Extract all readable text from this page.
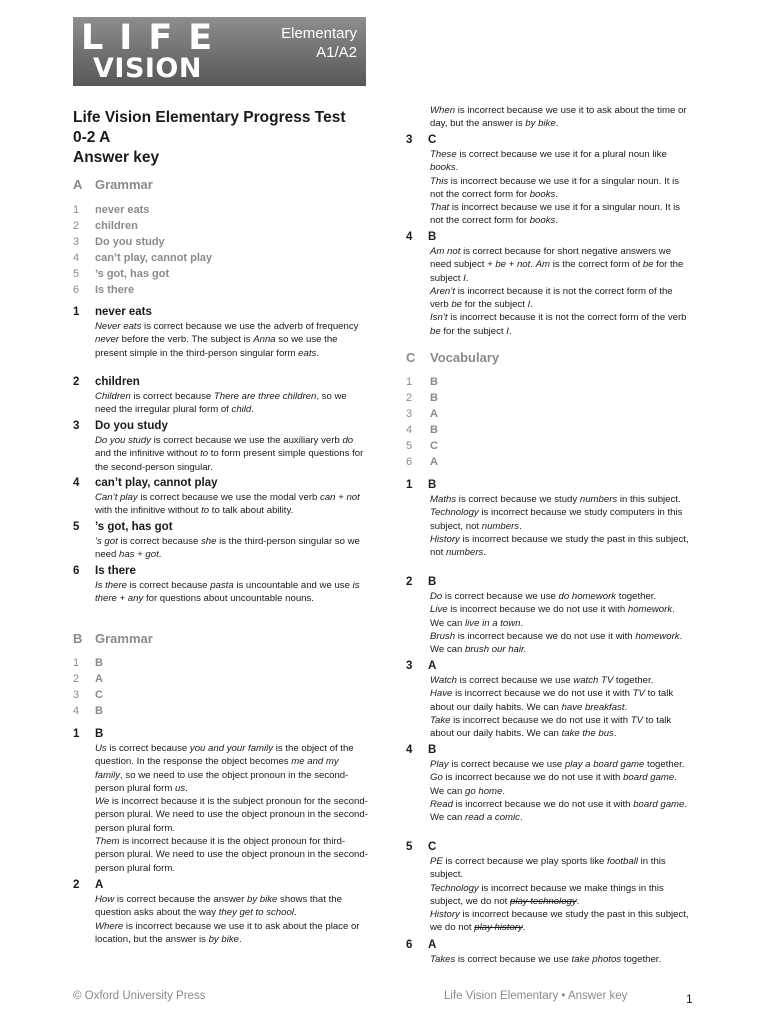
LIFE
VISION
Elementary
A1/A2
Life Vision Elementary Progress Test
0-2 A
Answer key
A Grammar
1 never eats
2 children
3 Do you study
4 can’t play, cannot play
5 ’s got, has got
6 Is there
1 never eats

Never eats is correct because we use the adverb of frequency never before the verb. The subject is Anna so we use the present simple in the third-person singular form eats.

2 children

Children is correct because There are three children, so we need the irregular plural form of child.

3 Do you study

Do you study is correct because we use the auxiliary verb do and the infinitive without to to form present simple questions for the second-person singular.

4 can’t play, cannot play

Can’t play is correct because we use the modal verb can + not with the infinitive without to to talk about ability.

5 ’s got, has got

’s got is correct because she is the third-person singular so we need has + got.

6 Is there

Is there is correct because pasta is uncountable and we use is there + any for questions about uncountable nouns.

B Grammar
1 B
2 A
3 C
4 B
1 B

Us is correct because you and your family is the object of the question. In the response the object becomes me and my family, so we need to use the object pronoun in the second-person plural form us.

We is incorrect because it is the subject pronoun for the second-person plural. We need to use the object pronoun in the second-person plural form.

Them is incorrect because it is the object pronoun for third-person plural. We need to use the object pronoun in the second-person plural form.

2 A

How is correct because the answer by bike shows that the question asks about the way they get to school.

Where is incorrect because we use it to ask about the place or location, but the answer is by bike.

When is incorrect because we use it to ask about the time or day, but the answer is by bike.

3 C

These is correct because we use it for a plural noun like books.

This is incorrect because we use it for a singular noun. It is not the correct form for books.

That is incorrect because we use it for a singular noun. It is not the correct form for books.

4 B

Am not is correct because for short negative answers we need subject + be + not. Am is the correct form of be for the subject I.

Aren’t is incorrect because it is not the correct form of the verb be for the subject I.

Isn’t is incorrect because it is not the correct form of the verb be for the subject I.

C Vocabulary
1 B
2 B
3 A
4 B
5 C
6 A
1 B

Maths is correct because we study numbers in this subject.

Technology is incorrect because we study computers in this subject, not numbers.

History is incorrect because we study the past in this subject, not numbers.

2 B

Do is correct because we use do homework together.

Live is incorrect because we do not use it with homework. We can live in a town.

Brush is incorrect because we do not use it with homework. We can brush our hair.

3 A

Watch is correct because we use watch TV together.

Have is incorrect because we do not use it with TV to talk about our daily habits. We can have breakfast.

Take is incorrect because we do not use it with TV to talk about our daily habits. We can take the bus.

4 B

Play is correct because we use play a board game together.

Go is incorrect because we do not use it with board game. We can go home.

Read is incorrect because we do not use it with board game. We can read a comic.

5 C

PE is correct because we play sports like football in this subject.

Technology is incorrect because we make things in this subject, we do not play technology.

History is incorrect because we study the past in this subject, we do not play history.

6 A

Takes is correct because we use take photos together.

© Oxford University Press	Life Vision Elementary • Answer key	1
